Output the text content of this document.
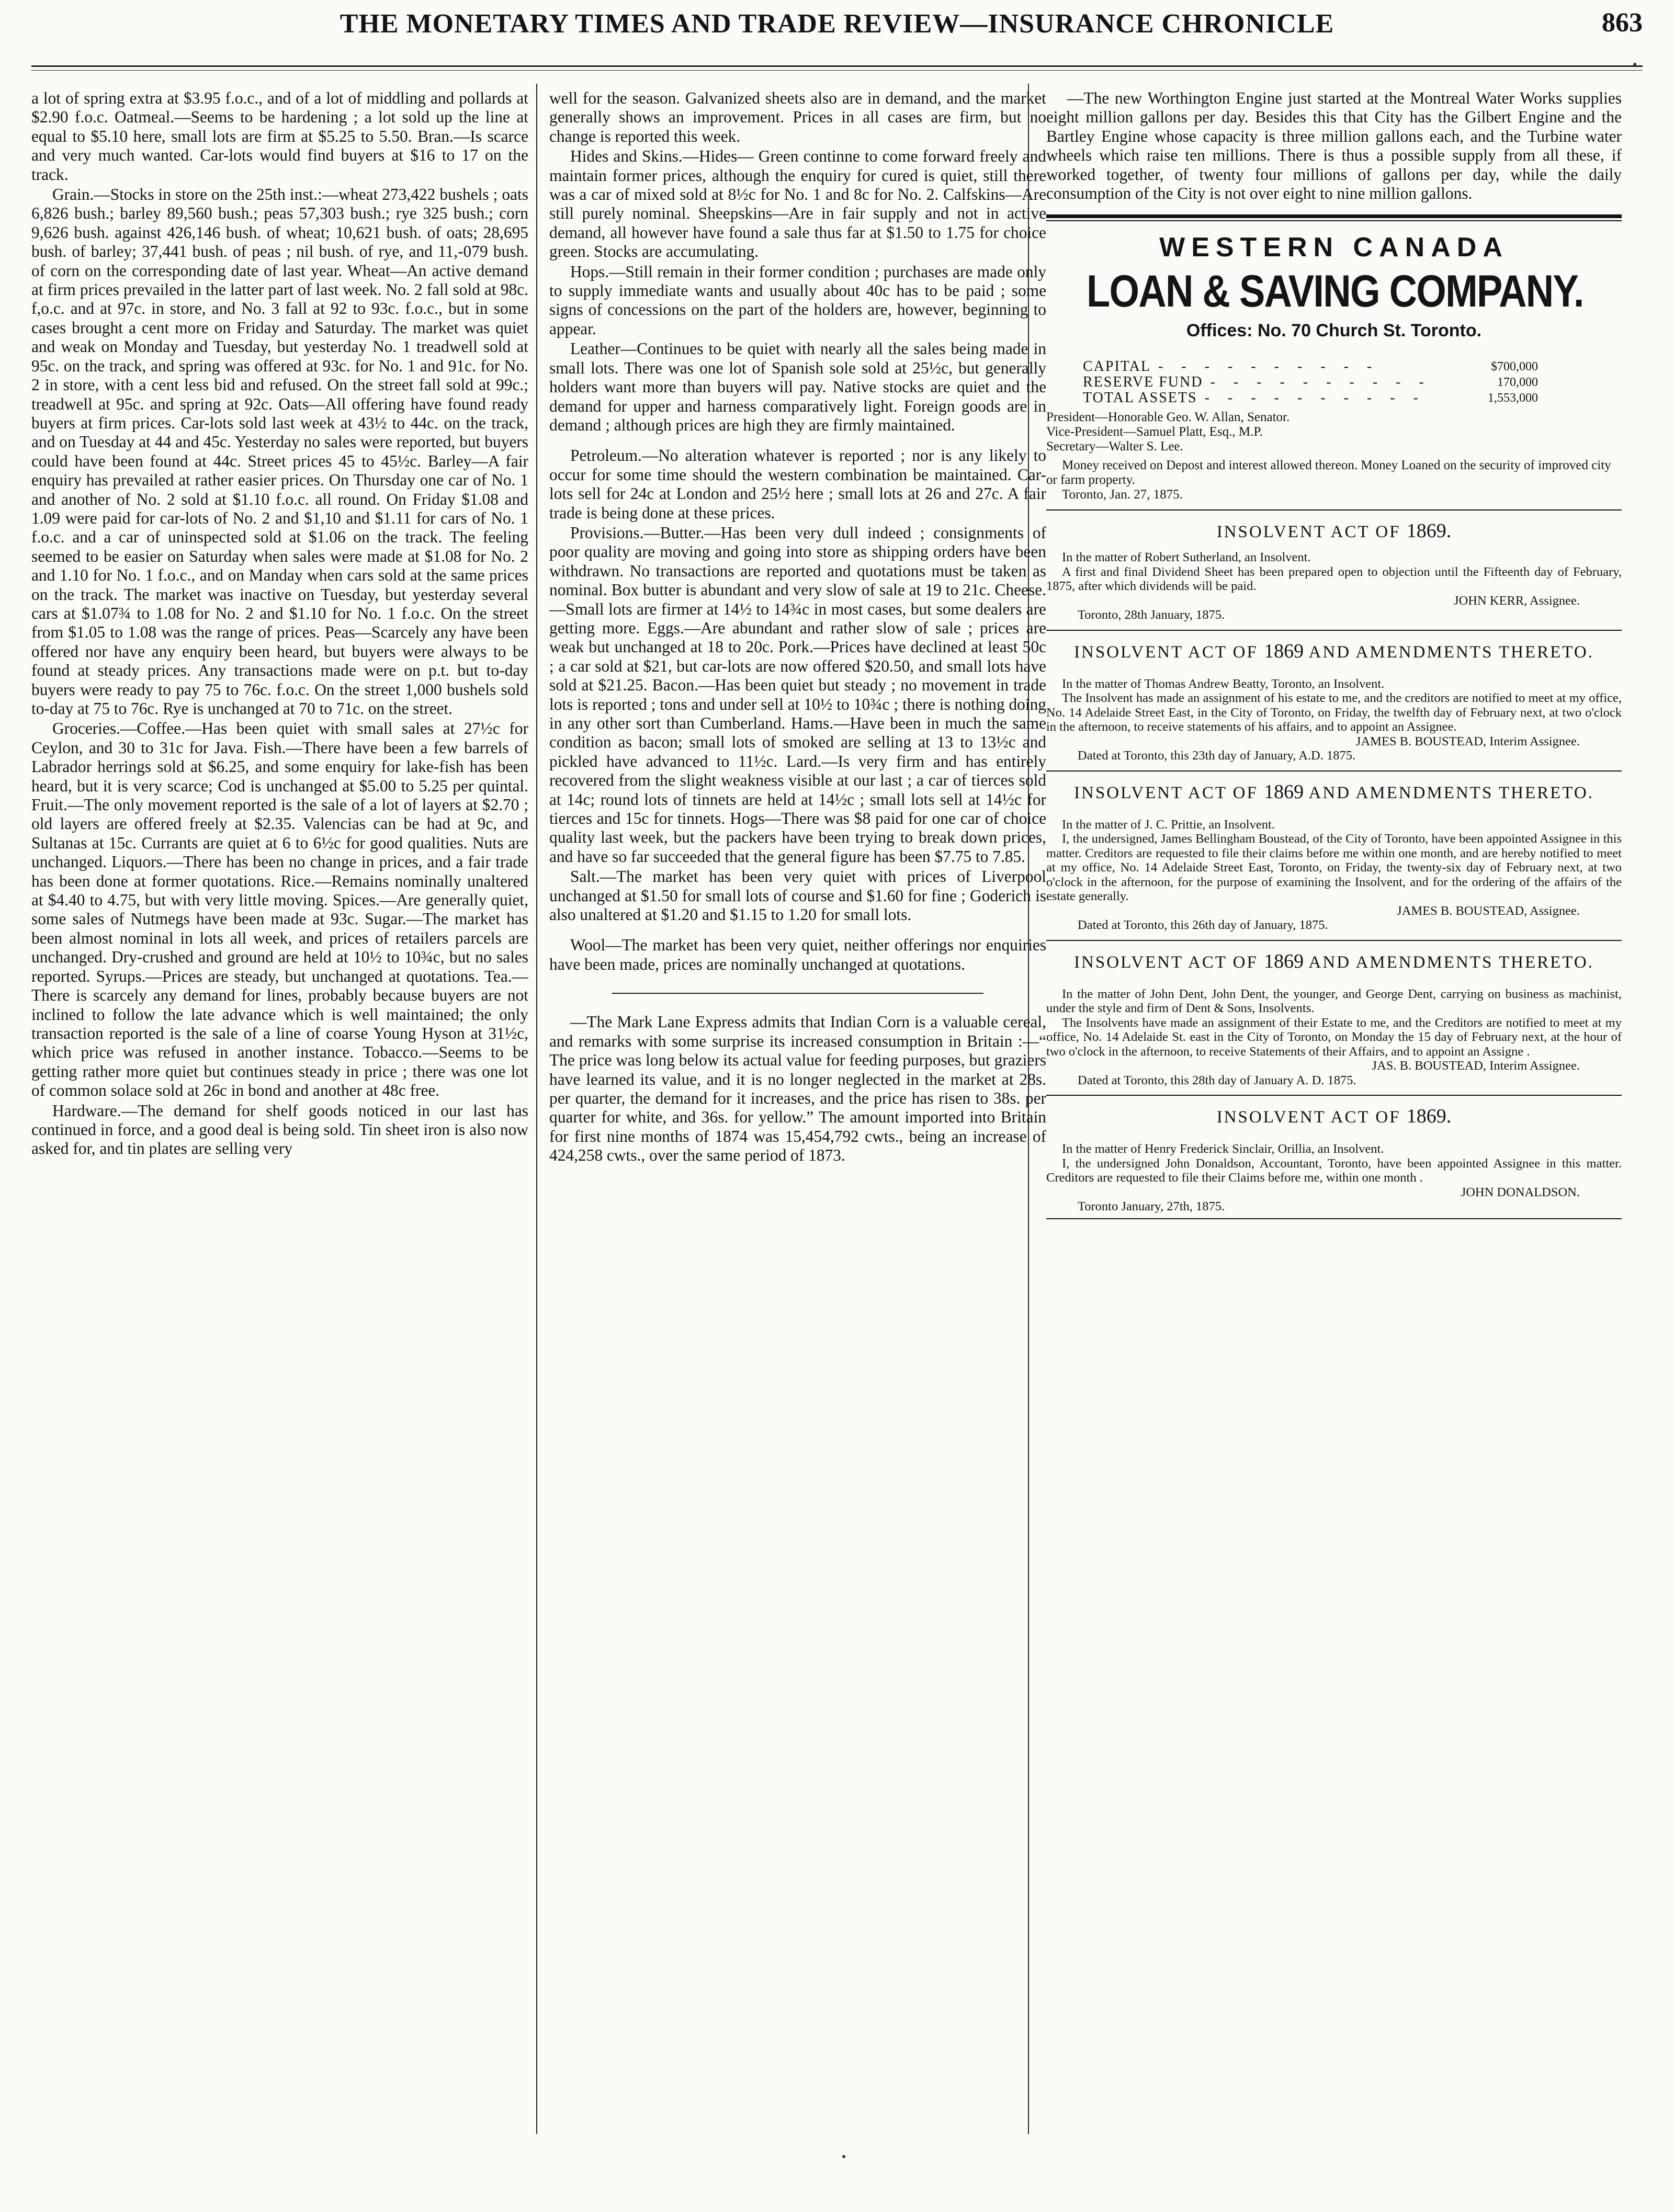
THE MONETARY TIMES AND TRADE REVIEW—INSURANCE CHRONICLE	863

a lot of spring extra at $3.95 f.o.c., and of a lot of middling and pollards at $2.90 f.o.c. Oatmeal.—Seems to be hardening ; a lot sold up the line at equal to $5.10 here, small lots are firm at $5.25 to 5.50. Bran.—Is scarce and very much wanted. Car-lots would find buyers at $16 to 17 on the track.

Grain.—Stocks in store on the 25th inst.:—wheat 273,422 bushels ; oats 6,826 bush.; barley 89,560 bush.; peas 57,303 bush.; rye 325 bush.; corn 9,626 bush. against 426,146 bush. of wheat; 10,621 bush. of oats; 28,695 bush. of barley; 37,441 bush. of peas ; nil bush. of rye, and 11,-079 bush. of corn on the corresponding date of last year. Wheat—An active demand at firm prices prevailed in the latter part of last week. No. 2 fall sold at 98c. f,o.c. and at 97c. in store, and No. 3 fall at 92 to 93c. f.o.c., but in some cases brought a cent more on Friday and Saturday. The market was quiet and weak on Monday and Tuesday, but yesterday No. 1 treadwell sold at 95c. on the track, and spring was offered at 93c. for No. 1 and 91c. for No. 2 in store, with a cent less bid and refused. On the street fall sold at 99c.; treadwell at 95c. and spring at 92c. Oats—All offering have found ready buyers at firm prices. Car-lots sold last week at 43½ to 44c. on the track, and on Tuesday at 44 and 45c. Yesterday no sales were reported, but buyers could have been found at 44c. Street prices 45 to 45½c. Barley—A fair enquiry has prevailed at rather easier prices. On Thursday one car of No. 1 and another of No. 2 sold at $1.10 f.o.c. all round. On Friday $1.08 and 1.09 were paid for car-lots of No. 2 and $1,10 and $1.11 for cars of No. 1 f.o.c. and a car of uninspected sold at $1.06 on the track. The feeling seemed to be easier on Saturday when sales were made at $1.08 for No. 2 and 1.10 for No. 1 f.o.c., and on Manday when cars sold at the same prices on the track. The market was inactive on Tuesday, but yesterday several cars at $1.07¾ to 1.08 for No. 2 and $1.10 for No. 1 f.o.c. On the street from $1.05 to 1.08 was the range of prices. Peas—Scarcely any have been offered nor have any enquiry been heard, but buyers were always to be found at steady prices. Any transactions made were on p.t. but to-day buyers were ready to pay 75 to 76c. f.o.c. On the street 1,000 bushels sold to-day at 75 to 76c. Rye is unchanged at 70 to 71c. on the street.

Groceries.—Coffee.—Has been quiet with small sales at 27½c for Ceylon, and 30 to 31c for Java. Fish.—There have been a few barrels of Labrador herrings sold at $6.25, and some enquiry for lake-fish has been heard, but it is very scarce; Cod is unchanged at $5.00 to 5.25 per quintal. Fruit.—The only movement reported is the sale of a lot of layers at $2.70 ; old layers are offered freely at $2.35. Valencias can be had at 9c, and Sultanas at 15c. Currants are quiet at 6 to 6½c for good qualities. Nuts are unchanged. Liquors.—There has been no change in prices, and a fair trade has been done at former quotations. Rice.—Remains nominally unaltered at $4.40 to 4.75, but with very little moving. Spices.—Are generally quiet, some sales of Nutmegs have been made at 93c. Sugar.—The market has been almost nominal in lots all week, and prices of retailers parcels are unchanged. Dry-crushed and ground are held at 10½ to 10¾c, but no sales reported. Syrups.—Prices are steady, but unchanged at quotations. Tea.—There is scarcely any demand for lines, probably because buyers are not inclined to follow the late advance which is well maintained; the only transaction reported is the sale of a line of coarse Young Hyson at 31½c, which price was refused in another instance. Tobacco.—Seems to be getting rather more quiet but continues steady in price ; there was one lot of common solace sold at 26c in bond and another at 48c free.

Hardware.—The demand for shelf goods noticed in our last has continued in force, and a good deal is being sold. Tin sheet iron is also now asked for, and tin plates are selling very

well for the season. Galvanized sheets also are in demand, and the market generally shows an improvement. Prices in all cases are firm, but no change is reported this week.

Hides and Skins.—Hides— Green continne to come forward freely and maintain former prices, although the enquiry for cured is quiet, still there was a car of mixed sold at 8½c for No. 1 and 8c for No. 2. Calfskins—Are still purely nominal. Sheepskins—Are in fair supply and not in active demand, all however have found a sale thus far at $1.50 to 1.75 for choice green. Stocks are accumulating.

Hops.—Still remain in their former condition ; purchases are made only to supply immediate wants and usually about 40c has to be paid ; some signs of concessions on the part of the holders are, however, beginning to appear.

Leather—Continues to be quiet with nearly all the sales being made in small lots. There was one lot of Spanish sole sold at 25½c, but generally holders want more than buyers will pay. Native stocks are quiet and the demand for upper and harness comparatively light. Foreign goods are in demand ; although prices are high they are firmly maintained.

Petroleum.—No alteration whatever is reported ; nor is any likely to occur for some time should the western combination be maintained. Car-lots sell for 24c at London and 25½ here ; small lots at 26 and 27c. A fair trade is being done at these prices.

Provisions.—Butter.—Has been very dull indeed ; consignments of poor quality are moving and going into store as shipping orders have been withdrawn. No transactions are reported and quotations must be taken as nominal. Box butter is abundant and very slow of sale at 19 to 21c. Cheese.—Small lots are firmer at 14½ to 14¾c in most cases, but some dealers are getting more. Eggs.—Are abundant and rather slow of sale ; prices are weak but unchanged at 18 to 20c. Pork.—Prices have declined at least 50c ; a car sold at $21, but car-lots are now offered $20.50, and small lots have sold at $21.25. Bacon.—Has been quiet but steady ; no movement in trade lots is reported ; tons and under sell at 10½ to 10¾c ; there is nothing doing in any other sort than Cumberland. Hams.—Have been in much the same condition as bacon; small lots of smoked are selling at 13 to 13½c and pickled have advanced to 11½c. Lard.—Is very firm and has entirely recovered from the slight weakness visible at our last ; a car of tierces sold at 14c; round lots of tinnets are held at 14½c ; small lots sell at 14½c for tierces and 15c for tinnets. Hogs—There was $8 paid for one car of choice quality last week, but the packers have been trying to break down prices, and have so far succeeded that the general figure has been $7.75 to 7.85.

Salt.—The market has been very quiet with prices of Liverpool unchanged at $1.50 for small lots of course and $1.60 for fine ; Goderich is also unaltered at $1.20 and $1.15 to 1.20 for small lots.

Wool—The market has been very quiet, neither offerings nor enquiries have been made, prices are nominally unchanged at quotations.

—The Mark Lane Express admits that Indian Corn is a valuable cereal, and remarks with some surprise its increased consumption in Britain :—“ The price was long below its actual value for feeding purposes, but graziers have learned its value, and it is no longer neglected in the market at 28s. per quarter, the demand for it increases, and the price has risen to 38s. per quarter for white, and 36s. for yellow.” The amount imported into Britain for first nine months of 1874 was 15,454,792 cwts., being an increase of 424,258 cwts., over the same period of 1873.

—The new Worthington Engine just started at the Montreal Water Works supplies eight million gallons per day. Besides this that City has the Gilbert Engine and the Bartley Engine whose capacity is three million gallons each, and the Turbine water wheels which raise ten millions. There is thus a possible supply from all these, if worked together, of twenty four millions of gallons per day, while the daily consumption of the City is not over eight to nine million gallons.

WESTERN CANADA
LOAN & SAVING COMPANY.
Offices: No. 70 Church St. Toronto.
CAPITAL - - - - - - - - - -	$700,000
RESERVE FUND - - - - - - - - - -	170,000
TOTAL ASSETS - - - - - - - - - -	1,553,000

President—Honorable Geo. W. Allan, Senator.

Vice-President—Samuel Platt, Esq., M.P.

Secretary—Walter S. Lee.

Money received on Depost and interest allowed thereon. Money Loaned on the security of improved city or farm property.

Toronto, Jan. 27, 1875.

INSOLVENT ACT OF 1869.

In the matter of Robert Sutherland, an Insolvent.

A first and final Dividend Sheet has been prepared open to objection until the Fifteenth day of February, 1875, after which dividends will be paid.

JOHN KERR, Assignee.

Toronto, 28th January, 1875.

INSOLVENT ACT OF 1869 AND AMENDMENTS THERETO.

In the matter of Thomas Andrew Beatty, Toronto, an Insolvent.

The Insolvent has made an assignment of his estate to me, and the creditors are notified to meet at my office, No. 14 Adelaide Street East, in the City of Toronto, on Friday, the twelfth day of February next, at two o'clock in the afternoon, to receive statements of his affairs, and to appoint an Assignee.

JAMES B. BOUSTEAD, Interim Assignee.

Dated at Toronto, this 23th day of January, A.D. 1875.

INSOLVENT ACT OF 1869 AND AMENDMENTS THERETO.

In the matter of J. C. Prittie, an Insolvent.

I, the undersigned, James Bellingham Boustead, of the City of Toronto, have been appointed Assignee in this matter. Creditors are requested to file their claims before me within one month, and are hereby notified to meet at my office, No. 14 Adelaide Street East, Toronto, on Friday, the twenty-six day of February next, at two o'clock in the afternoon, for the purpose of examining the Insolvent, and for the ordering of the affairs of the estate generally.

JAMES B. BOUSTEAD, Assignee.

Dated at Toronto, this 26th day of January, 1875.

INSOLVENT ACT OF 1869 AND AMENDMENTS THERETO.

In the matter of John Dent, John Dent, the younger, and George Dent, carrying on business as machinist, under the style and firm of Dent & Sons, Insolvents.

The Insolvents have made an assignment of their Estate to me, and the Creditors are notified to meet at my office, No. 14 Adelaide St. east in the City of Toronto, on Monday the 15 day of February next, at the hour of two o'clock in the afternoon, to receive Statements of their Affairs, and to appoint an Assigne .

JAS. B. BOUSTEAD, Interim Assignee.

Dated at Toronto, this 28th day of January A. D. 1875.

INSOLVENT ACT OF 1869.

In the matter of Henry Frederick Sinclair, Orillia, an Insolvent.

I, the undersigned John Donaldson, Accountant, Toronto, have been appointed Assignee in this matter. Creditors are requested to file their Claims before me, within one month .

JOHN DONALDSON.

Toronto January, 27th, 1875.
